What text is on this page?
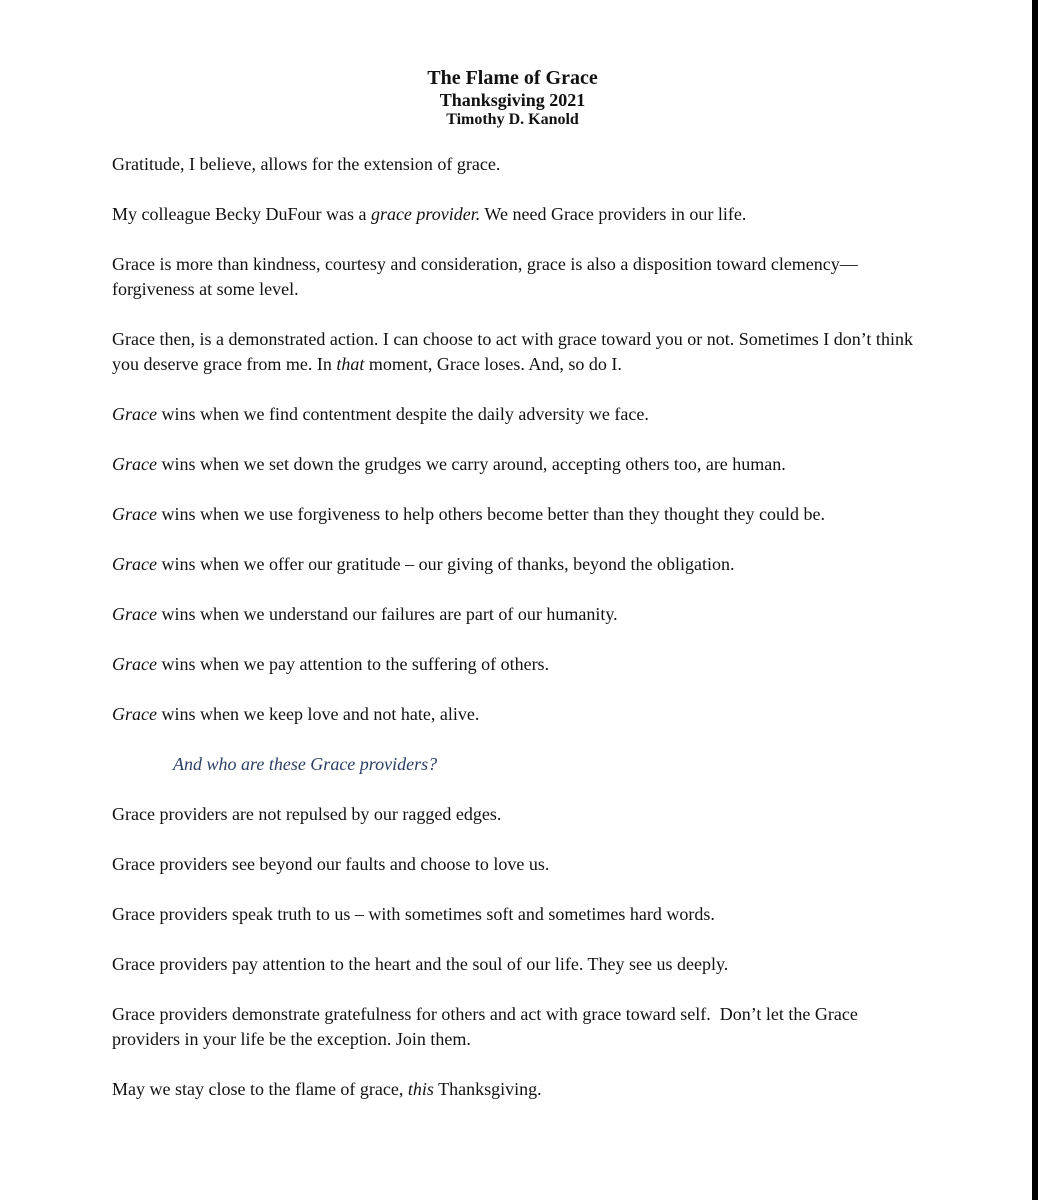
The Flame of Grace
Thanksgiving 2021
Timothy D. Kanold

Gratitude, I believe, allows for the extension of grace.

My colleague Becky DuFour was a grace provider. We need Grace providers in our life.

Grace is more than kindness, courtesy and consideration, grace is also a disposition toward clemency— forgiveness at some level.

Grace then, is a demonstrated action. I can choose to act with grace toward you or not. Sometimes I don’t think you deserve grace from me. In that moment, Grace loses. And, so do I.

Grace wins when we find contentment despite the daily adversity we face.

Grace wins when we set down the grudges we carry around, accepting others too, are human.

Grace wins when we use forgiveness to help others become better than they thought they could be.

Grace wins when we offer our gratitude – our giving of thanks, beyond the obligation.

Grace wins when we understand our failures are part of our humanity.

Grace wins when we pay attention to the suffering of others.

Grace wins when we keep love and not hate, alive.

And who are these Grace providers?

Grace providers are not repulsed by our ragged edges.

Grace providers see beyond our faults and choose to love us.

Grace providers speak truth to us – with sometimes soft and sometimes hard words.

Grace providers pay attention to the heart and the soul of our life. They see us deeply.

Grace providers demonstrate gratefulness for others and act with grace toward self.  Don’t let the Grace providers in your life be the exception. Join them.

May we stay close to the flame of grace, this Thanksgiving.
